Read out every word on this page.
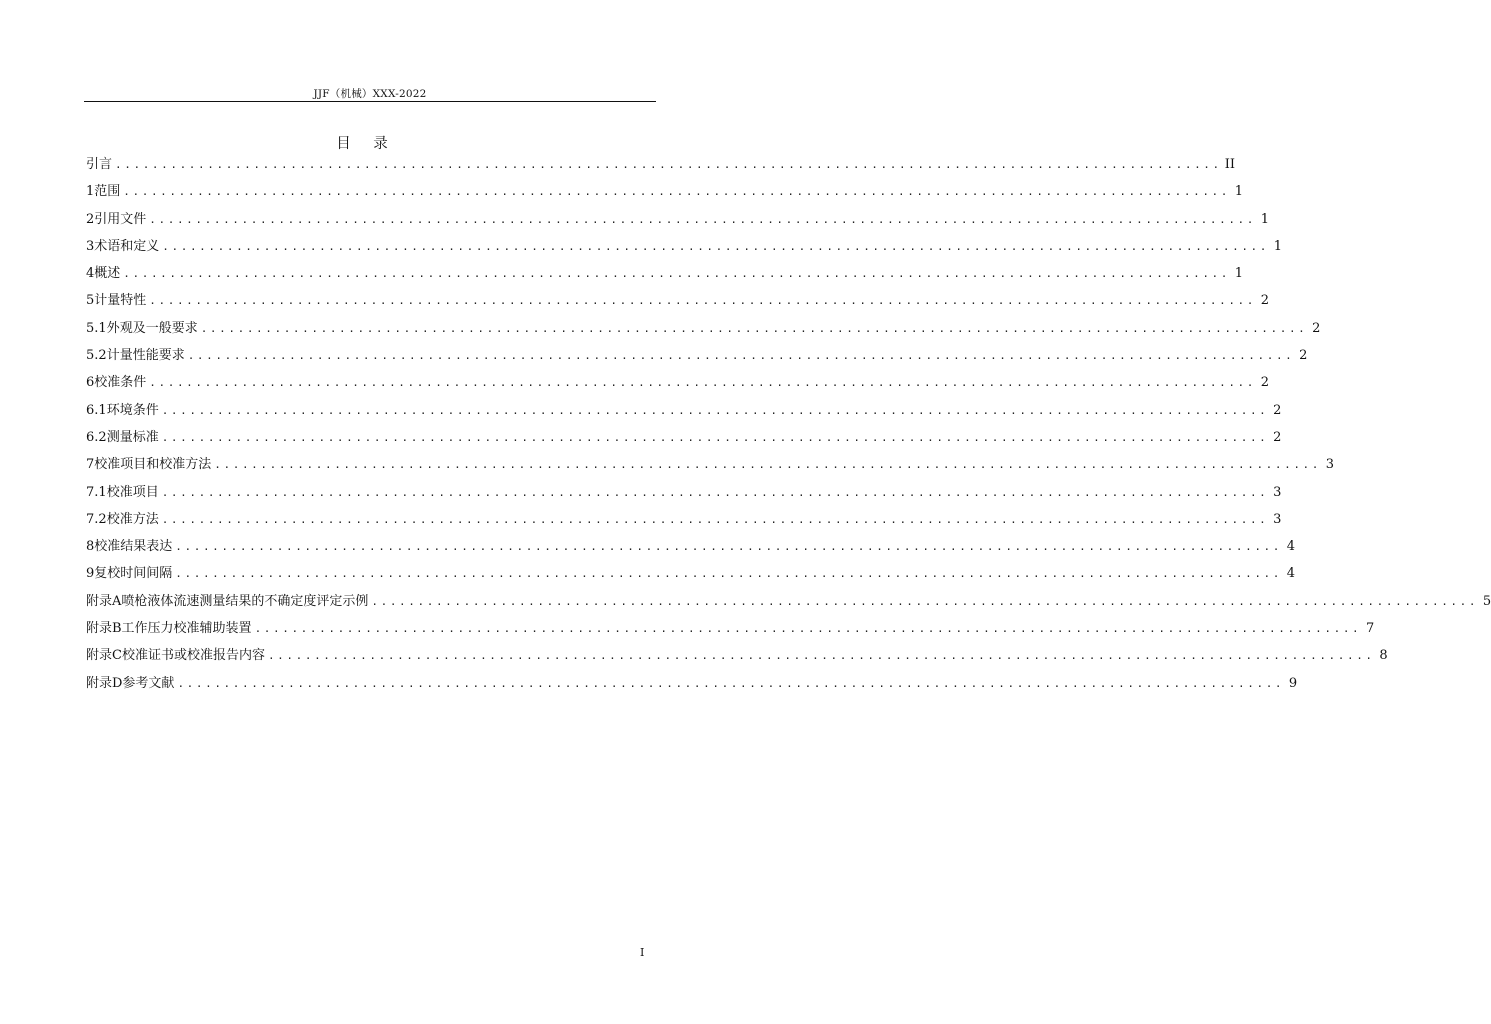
JJF（机械）XXX-2022
目 录
引 言 ........................................................................................................................ II
1 范围 ........................................................................................................................ 1
2 引用文件 ........................................................................................................................ 1
3 术语和定义 ........................................................................................................................ 1
4 概述 ........................................................................................................................ 1
5 计量特性 ........................................................................................................................ 2
5.1 外观及一般要求 ........................................................................................................................ 2
5.2 计量性能要求 ........................................................................................................................ 2
6 校准条件 ........................................................................................................................ 2
6.1 环境条件 ........................................................................................................................ 2
6.2 测量标准 ........................................................................................................................ 2
7 校准项目和校准方法 ........................................................................................................................ 3
7.1 校准项目 ........................................................................................................................ 3
7.2 校准方法 ........................................................................................................................ 3
8 校准结果表达 ........................................................................................................................ 4
9 复校时间间隔 ........................................................................................................................ 4
附录A喷枪液体流速测量结果的不确定度评定示例 ........................................................................................................................ 5
附录B工作压力校准辅助装置 ........................................................................................................................ 7
附录C校准证书或校准报告内容 ........................................................................................................................ 8
附录D参考文献 ........................................................................................................................ 9
I
